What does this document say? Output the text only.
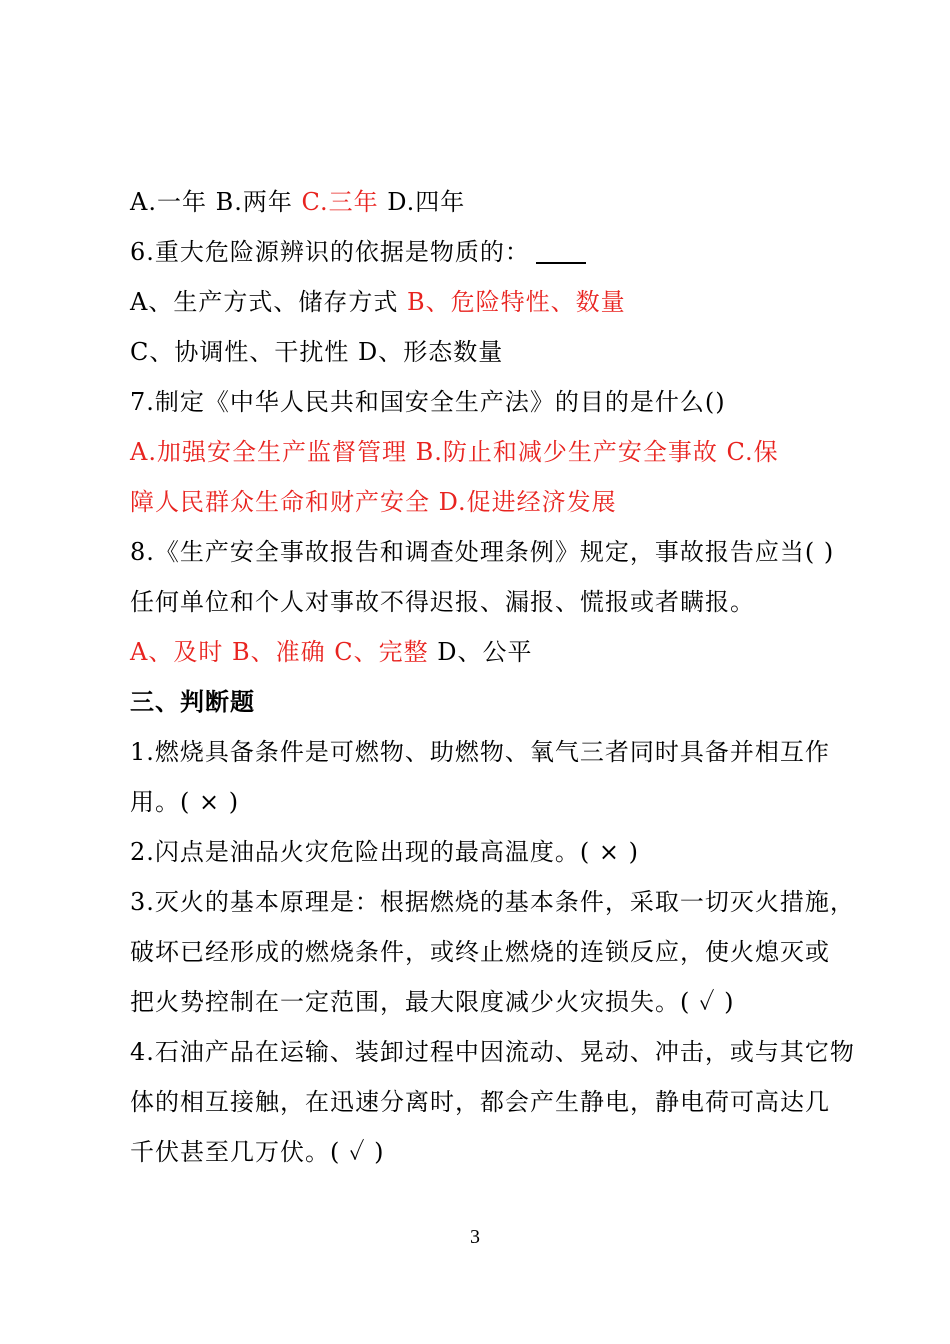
A.一年 B.两年 C.三年 D.四年
6.重大危险源辨识的依据是物质的：
A、生产方式、储存方式 B、危险特性、数量
C、协调性、干扰性 D、形态数量
7.制定《中华人民共和国安全生产法》的目的是什么()
A.加强安全生产监督管理 B.防止和减少生产安全事故 C.保
障人民群众生命和财产安全 D.促进经济发展
8.《生产安全事故报告和调查处理条例》规定，事故报告应当( )
任何单位和个人对事故不得迟报、漏报、慌报或者瞒报。
A、及时 B、准确 C、完整 D、公平
三、判断题
1.燃烧具备条件是可燃物、助燃物、氧气三者同时具备并相互作
用。( × )
2.闪点是油品火灾危险出现的最高温度。( × )
3.灭火的基本原理是：根据燃烧的基本条件，采取一切灭火措施，
破坏已经形成的燃烧条件，或终止燃烧的连锁反应，使火熄灭或
把火势控制在一定范围，最大限度减少火灾损失。( ✓ )
4.石油产品在运输、装卸过程中因流动、晃动、冲击，或与其它物
体的相互接触，在迅速分离时，都会产生静电，静电荷可高达几
千伏甚至几万伏。( ✓ )
3
